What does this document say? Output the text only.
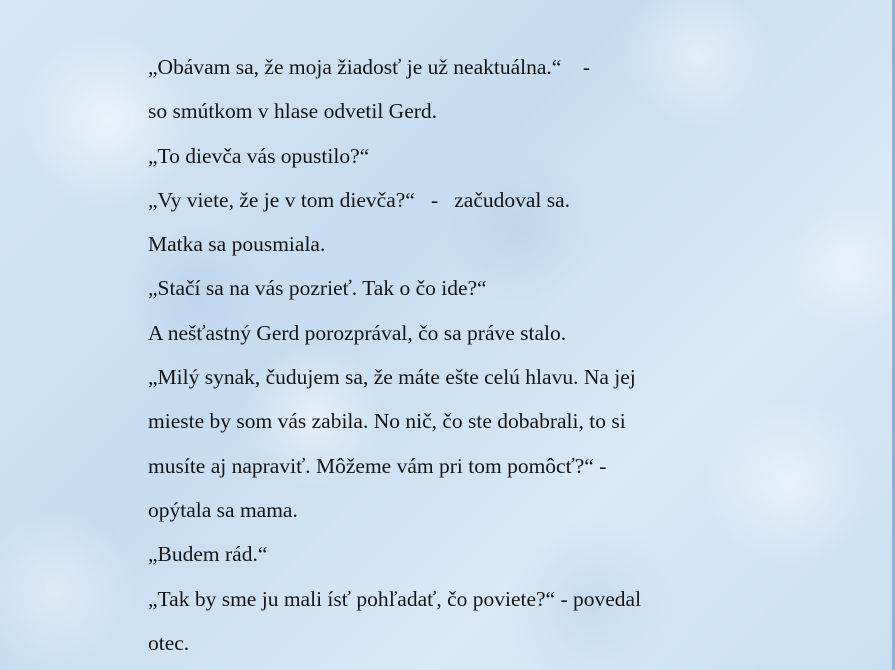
„Obávam sa, že moja žiadosť je už neaktuálna.“    -
so smútkom v hlase odvetil Gerd.
„To dievča vás opustilo?“
„Vy viete, že je v tom dievča?“   -   začudoval sa.
Matka sa pousmiala.
„Stačí sa na vás pozrieť. Tak o čo ide?“
A nešťastný Gerd porozprával, čo sa práve stalo.
„Milý synak, čudujem sa, že máte ešte celú hlavu. Na jej
mieste by som vás zabila. No nič, čo ste dobabrali, to si
musíte aj napraviť. Môžeme vám pri tom pomôcť?“ -
opýtala sa mama.
„Budem rád.“
„Tak by sme ju mali ísť pohľadať, čo poviete?“ - povedal
otec.
